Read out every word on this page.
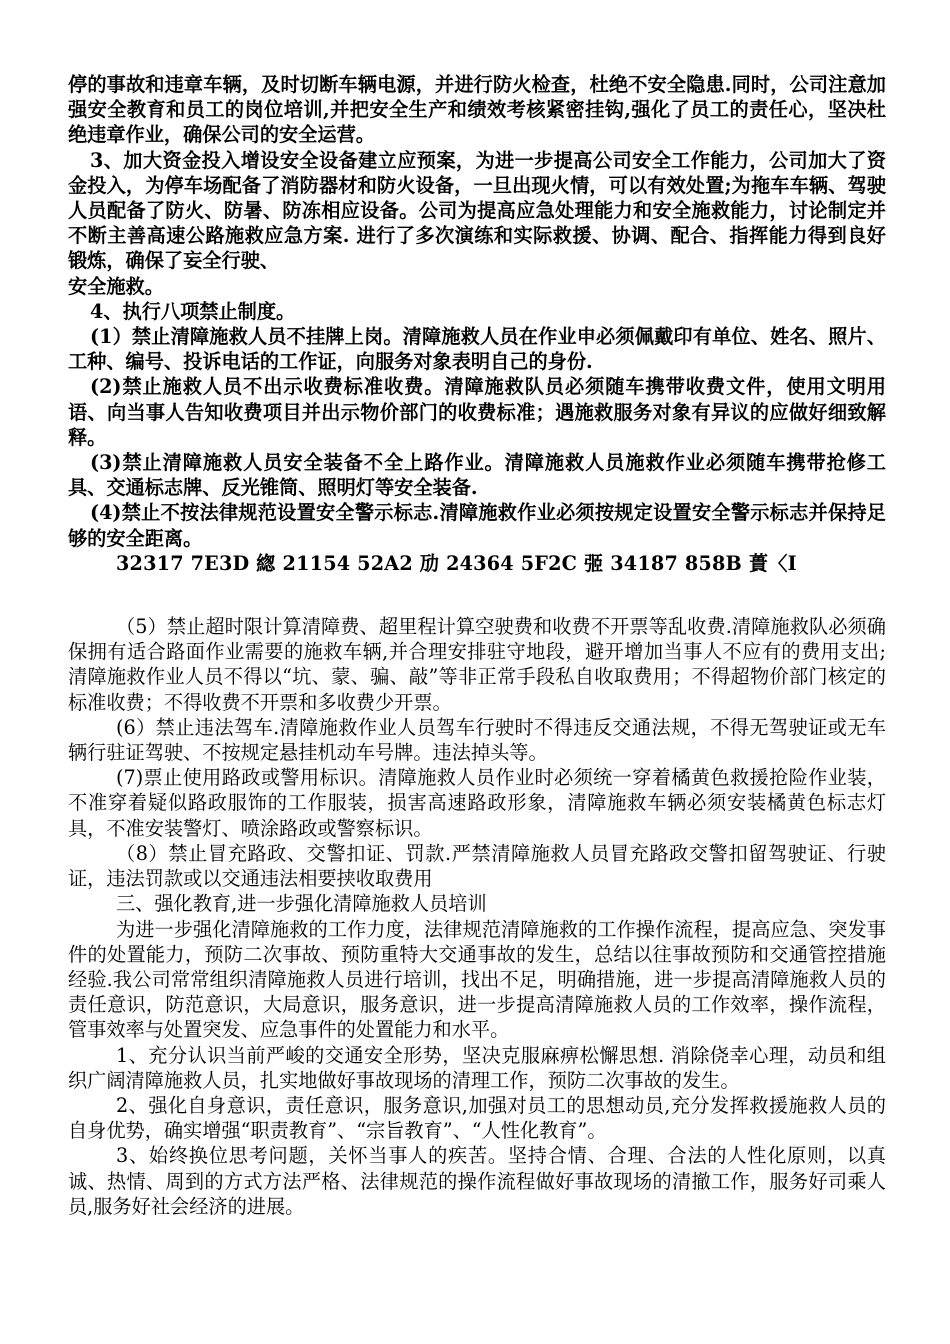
停的事故和违章车辆，及时切断车辆电源，并进行防火检查，杜绝不安全隐患.同时，公司注意加强安全教育和员工的岗位培训,并把安全生产和绩效考核紧密挂钩,强化了员工的责任心，坚决杜绝违章作业，确保公司的安全运营。

3、加大资金投入增设安全设备建立应预案，为进一步提高公司安全工作能力，公司加大了资金投入，为停车场配备了消防器材和防火设备，一旦出现火情，可以有效处置;为拖车车辆、驾驶人员配备了防火、防暑、防冻相应设备。公司为提高应急处理能力和安全施救能力，讨论制定并不断主善高速公路施救应急方案. 进行了多次演练和实际救援、协调、配合、指挥能力得到良好锻炼，确保了妄全行驶、

安全施救。

4、执行八项禁止制度。

(1）禁止清障施救人员不挂牌上岗。清障施救人员在作业申必须佩戴印有单位、姓名、照片、工种、编号、投诉电话的工作证，向服务对象表明自己的身份.

(2)禁止施救人员不出示收费标准收费。清障施救队员必须随车携带收费文件，使用文明用语、向当事人告知收费项目并出示物价部门的收费标准；遇施救服务对象有异议的应做好细致解释。

(3)禁止清障施救人员安全装备不全上路作业。清障施救人员施救作业必须随车携带抢修工具、交通标志牌、反光锥筒、照明灯等安全装备.

(4)禁止不按法律规范设置安全警示标志.清障施救作业必须按规定设置安全警示标志并保持足够的安全距离。

32317 7E3D 緫 21154 52A2 劢 24364 5F2C 弬 34187 858B 蕢〈I

（5）禁止超时限计算清障费、超里程计算空驶费和收费不开票等乱收费.清障施救队必须确保拥有适合路面作业需要的施救车辆,并合理安排驻守地段，避开增加当事人不应有的费用支出;清障施救作业人员不得以“坑、蒙、骗、敲”等非正常手段私自收取费用；不得超物价部门核定的标准收费；不得收费不开票和多收费少开票。

(6）禁止违法驾车.清障施救作业人员驾车行驶时不得违反交通法规，不得无驾驶证或无车辆行驻证驾驶、不按规定悬挂机动车号牌。违法掉头等。

(7)票止使用路政或警用标识。清障施救人员作业时必须统一穿着橘黄色救援抢险作业装，不准穿着疑似路政服饰的工作服装，损害高速路政形象，清障施救车辆必须安装橘黄色标志灯具，不准安装警灯、喷涂路政或警察标识。

（8）禁止冒充路政、交警扣证、罚款.严禁清障施救人员冒充路政交警扣留驾驶证、行驶证，违法罚款或以交通违法相要挟收取费用

三、强化教育,进一步强化清障施救人员培训

为进一步强化清障施救的工作力度，法律规范清障施救的工作操作流程，提高应急、突发事件的处置能力，预防二次事故、预防重特大交通事故的发生，总结以往事故预防和交通管控措施经验.我公司常常组织清障施救人员进行培训，找出不足，明确措施，进一步提高清障施救人员的责任意识，防范意识，大局意识，服务意识，进一步提高清障施救人员的工作效率，操作流程，管事效率与处置突发、应急事件的处置能力和水平。

1、充分认识当前严峻的交通安全形势，坚决克服麻痹松懈思想. 消除侥幸心理，动员和组织广阔清障施救人员，扎实地做好事故现场的清理工作，预防二次事故的发生。

2、强化自身意识，责任意识，服务意识,加强对员工的思想动员,充分发挥救援施救人员的自身优势，确实增强“职责教育”、“宗旨教育”、“人性化教育”。

3、始终换位思考问题，关怀当事人的疾苦。坚持合情、合理、合法的人性化原则，以真诚、热情、周到的方式方法严格、法律规范的操作流程做好事故现场的清撤工作，服务好司乘人员,服务好社会经济的进展。
